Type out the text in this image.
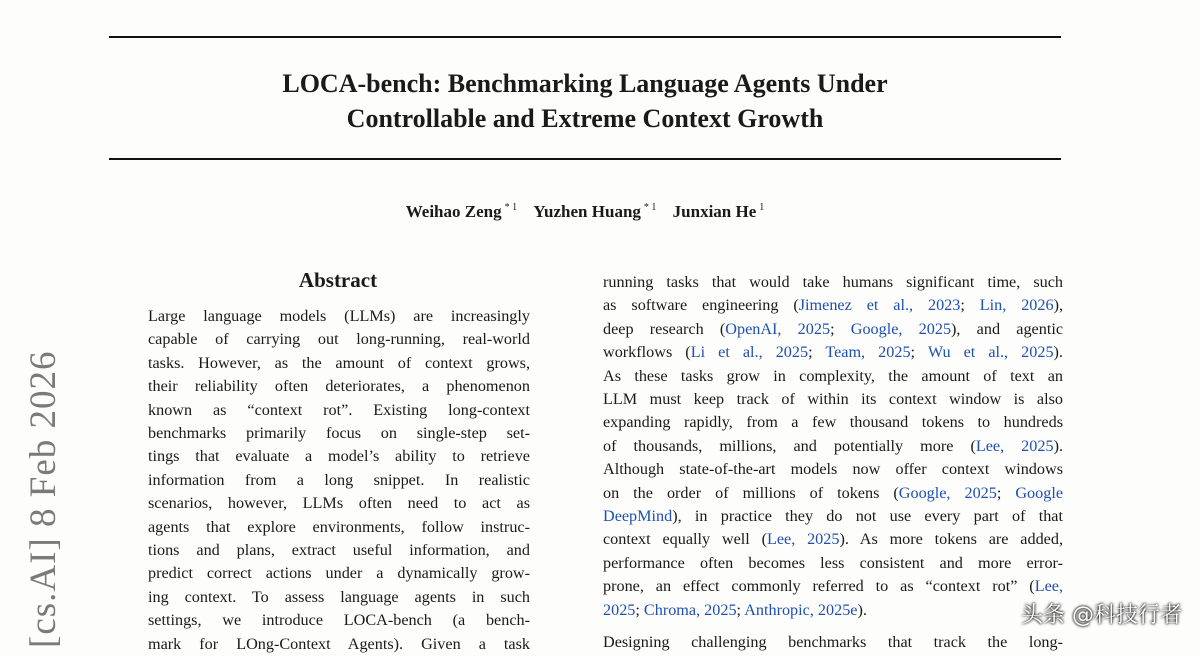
LOCA-bench: Benchmarking Language Agents Under
Controllable and Extreme Context Growth
Weihao Zeng $^{* 1}$ Yuzhen Huang $^{* 1}$ Junxian He $^1$
[cs.AI] 8 Feb 2026
Abstract
Large language models (LLMs) are increasingly
capable of carrying out long-running, real-world
tasks. However, as the amount of context grows,
their reliability often deteriorates, a phenomenon
known as “context rot”. Existing long-context
benchmarks primarily focus on single-step set-
tings that evaluate a model’s ability to retrieve
information from a long snippet. In realistic
scenarios, however, LLMs often need to act as
agents that explore environments, follow instruc-
tions and plans, extract useful information, and
predict correct actions under a dynamically grow-
ing context. To assess language agents in such
settings, we introduce LOCA-bench (a bench-
mark for LOng-Context Agents). Given a task
running tasks that would take humans significant time, such
as software engineering (Jimenez et al., 2023; Lin, 2026),
deep research (OpenAI, 2025; Google, 2025), and agentic
workflows (Li et al., 2025; Team, 2025; Wu et al., 2025).
As these tasks grow in complexity, the amount of text an
LLM must keep track of within its context window is also
expanding rapidly, from a few thousand tokens to hundreds
of thousands, millions, and potentially more (Lee, 2025).
Although state-of-the-art models now offer context windows
on the order of millions of tokens (Google, 2025; Google
DeepMind), in practice they do not use every part of that
context equally well (Lee, 2025). As more tokens are added,
performance often becomes less consistent and more error-
prone, an effect commonly referred to as “context rot” (Lee,
2025; Chroma, 2025; Anthropic, 2025e).
Designing challenging benchmarks that track the long-
头条 @科技行者
